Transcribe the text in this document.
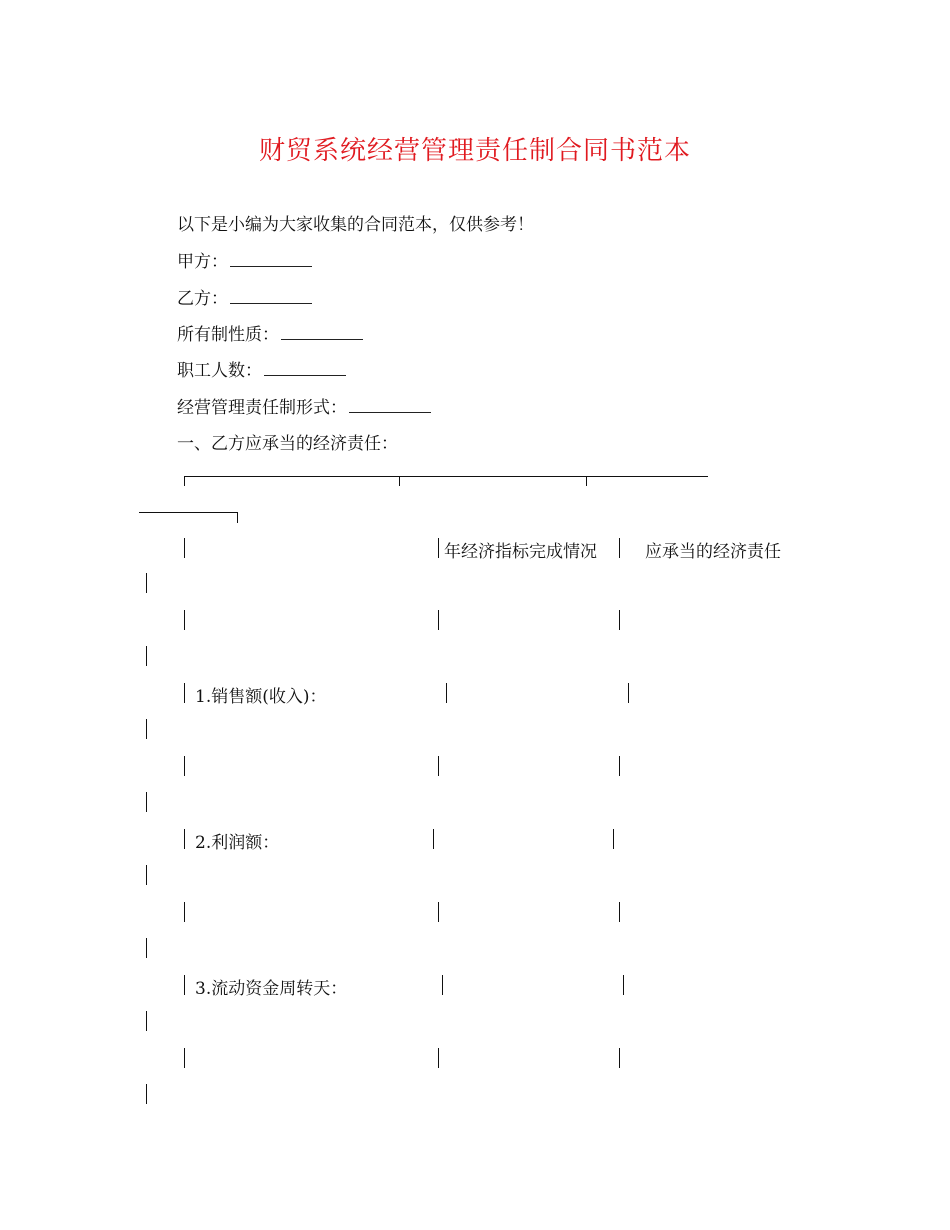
财贸系统经营管理责任制合同书范本
以下是小编为大家收集的合同范本，仅供参考！
甲方：
乙方：
所有制性质：
职工人数：
经营管理责任制形式：
一、乙方应承当的经济责任：
年经济指标完成情况	应承当的经济责任
1.销售额(收入)：
2.利润额：
3.流动资金周转天：
